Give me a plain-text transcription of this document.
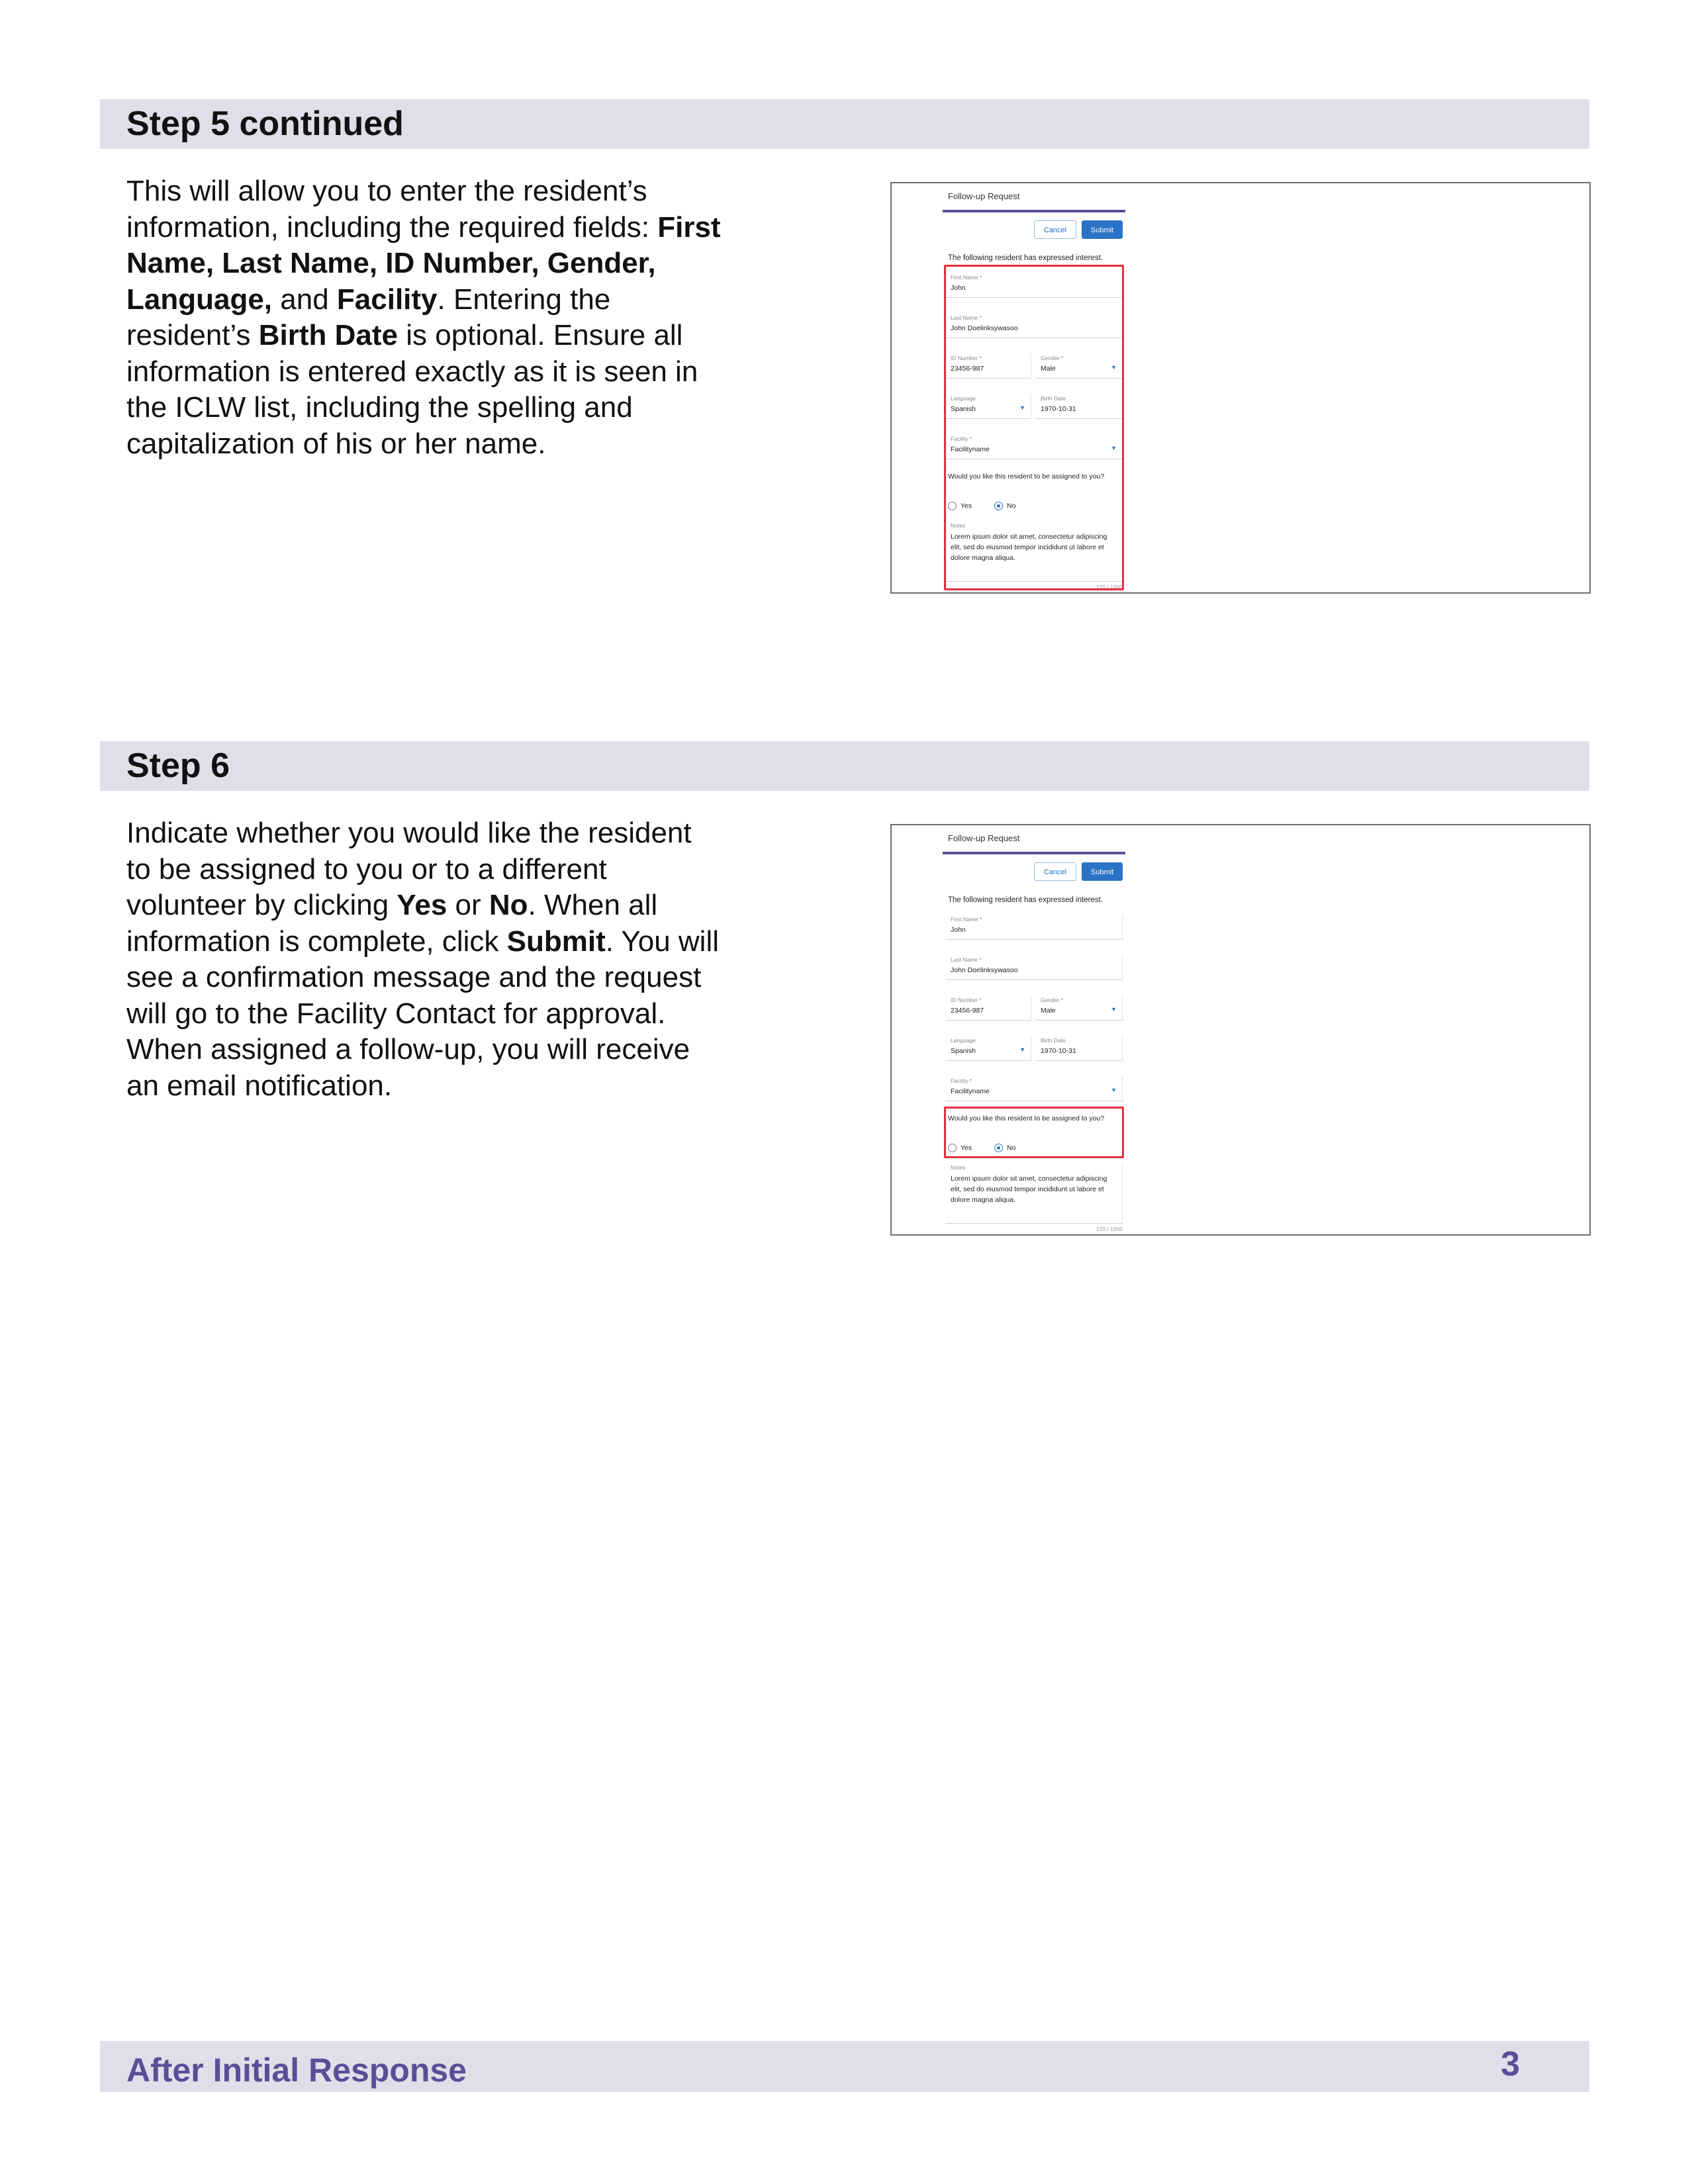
Step 5 continued

This will allow you to enter the resident’s information, including the required fields: First Name, Last Name, ID Number, Gender, Language, and Facility. Entering the resident’s Birth Date is optional. Ensure all information is entered exactly as it is seen in the ICLW list, including the spelling and capitalization of his or her name.

Follow-up Request
Cancel	Submit
The following resident has expressed interest.
First Name *
John
Last Name *
John Doelinksywasoo
ID Number *
23456-987
Gender *
Male	▼
Language
Spanish	▼
Birth Date
1970-10-31
Facility *
Facilityname	▼
Would you like this resident to be assigned to you?
Yes	No
Notes
Lorem ipsum dolor sit amet, consectetur adipiscing elit, sed do eiusmod tempor incididunt ut labore et dolore magna aliqua.
120 / 1000
Step 6

Indicate whether you would like the resident to be assigned to you or to a different volunteer by clicking Yes or No. When all information is complete, click Submit. You will see a confirmation message and the request will go to the Facility Contact for approval. When assigned a follow-up, you will receive an email notification.

Follow-up Request
Cancel	Submit
The following resident has expressed interest.
First Name *
John
Last Name *
John Doelinksywasoo
ID Number *
23456-987
Gender *
Male	▼
Language
Spanish	▼
Birth Date
1970-10-31
Facility *
Facilityname	▼
Would you like this resident to be assigned to you?
Yes	No
Notes
Lorem ipsum dolor sit amet, consectetur adipiscing elit, sed do eiusmod tempor incididunt ut labore et dolore magna aliqua.
120 / 1000
After Initial Response	3
